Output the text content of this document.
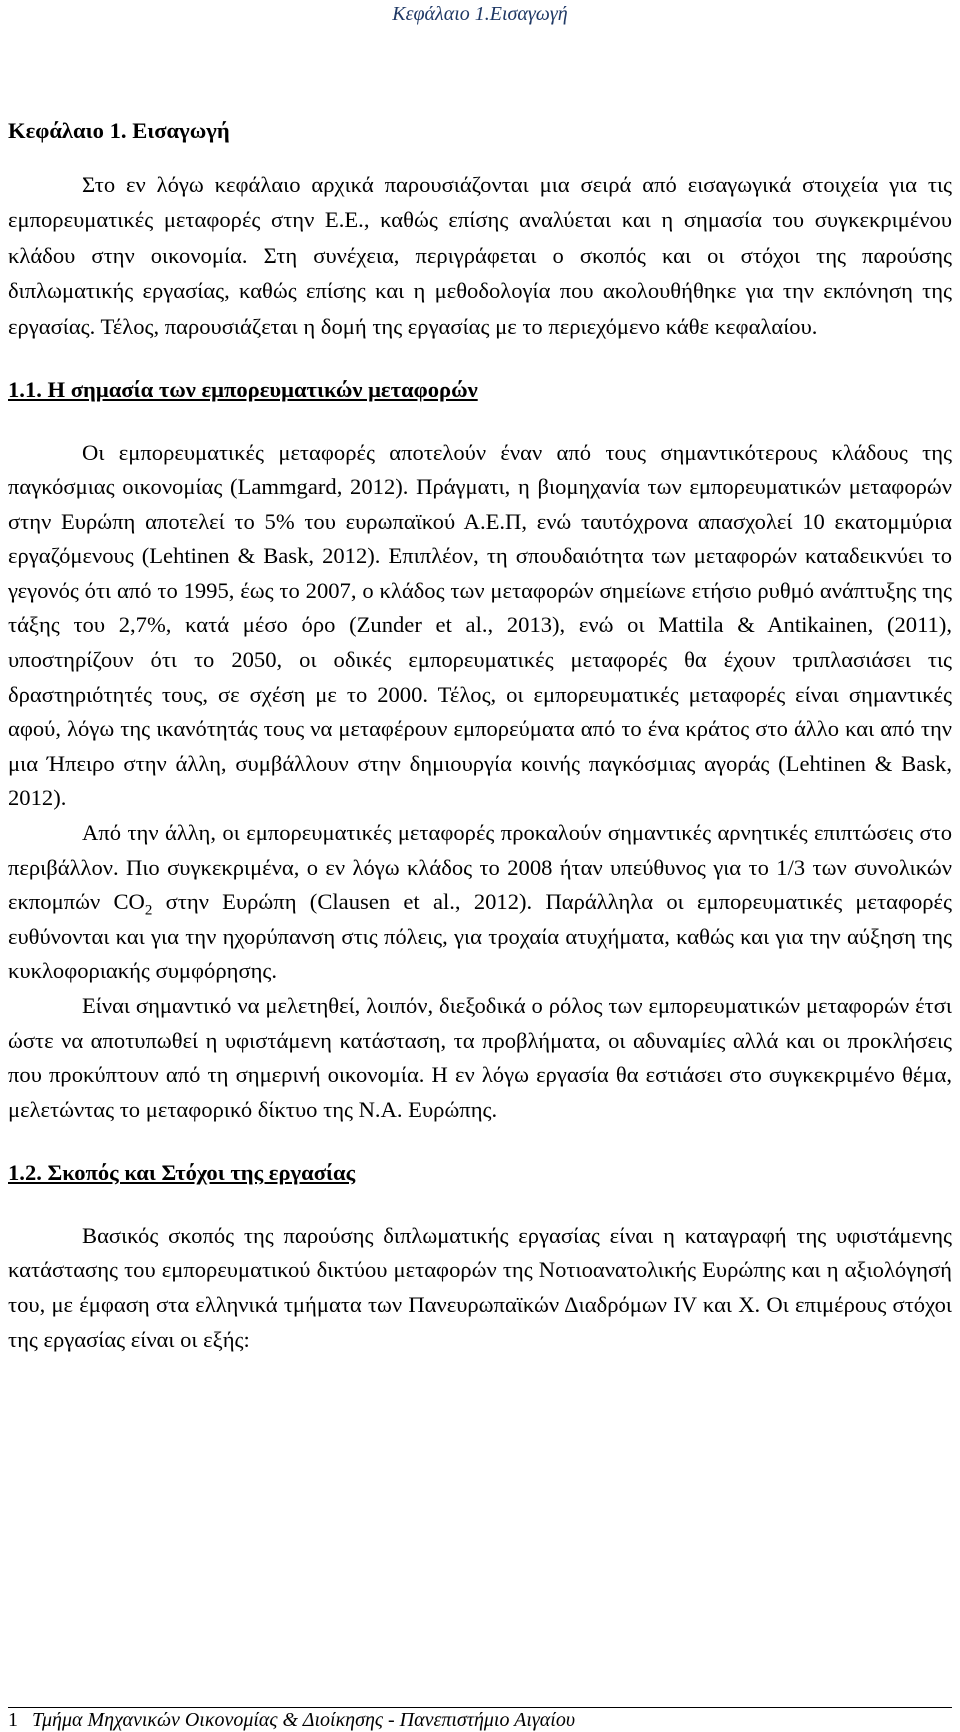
Κεφάλαιο 1.Εισαγωγή
Κεφάλαιο 1. Εισαγωγή

Στο εν λόγω κεφάλαιο αρχικά παρουσιάζονται μια σειρά από εισαγωγικά στοιχεία για τις εμπορευματικές μεταφορές στην Ε.Ε., καθώς επίσης αναλύεται και η σημασία του συγκεκριμένου κλάδου στην οικονομία. Στη συνέχεια, περιγράφεται ο σκοπός και οι στόχοι της παρούσης διπλωματικής εργασίας, καθώς επίσης και η μεθοδολογία που ακολουθήθηκε για την εκπόνηση της εργασίας. Τέλος, παρουσιάζεται η δομή της εργασίας με το περιεχόμενο κάθε κεφαλαίου.

1.1. Η σημασία των εμπορευματικών μεταφορών

Οι εμπορευματικές μεταφορές αποτελούν έναν από τους σημαντικότερους κλάδους της παγκόσμιας οικονομίας (Lammgard, 2012). Πράγματι, η βιομηχανία των εμπορευματικών μεταφορών στην Ευρώπη αποτελεί το 5% του ευρωπαϊκού Α.Ε.Π, ενώ ταυτόχρονα απασχολεί 10 εκατομμύρια εργαζόμενους (Lehtinen & Bask, 2012). Επιπλέον, τη σπουδαιότητα των μεταφορών καταδεικνύει το γεγονός ότι από το 1995, έως το 2007, ο κλάδος των μεταφορών σημείωνε ετήσιο ρυθμό ανάπτυξης της τάξης του 2,7%, κατά μέσο όρο (Zunder et al., 2013), ενώ οι Mattila & Antikainen, (2011), υποστηρίζουν ότι το 2050, οι οδικές εμπορευματικές μεταφορές θα έχουν τριπλασιάσει τις δραστηριότητές τους, σε σχέση με το 2000. Τέλος, οι εμπορευματικές μεταφορές είναι σημαντικές αφού, λόγω της ικανότητάς τους να μεταφέρουν εμπορεύματα από το ένα κράτος στο άλλο και από την μια Ήπειρο στην άλλη, συμβάλλουν στην δημιουργία κοινής παγκόσμιας αγοράς (Lehtinen & Bask, 2012).

Από την άλλη, οι εμπορευματικές μεταφορές προκαλούν σημαντικές αρνητικές επιπτώσεις στο περιβάλλον. Πιο συγκεκριμένα, ο εν λόγω κλάδος το 2008 ήταν υπεύθυνος για το 1/3 των συνολικών εκπομπών $CO_2$ στην Ευρώπη (Clausen et al., 2012). Παράλληλα οι εμπορευματικές μεταφορές ευθύνονται και για την ηχορύπανση στις πόλεις, για τροχαία ατυχήματα, καθώς και για την αύξηση της κυκλοφοριακής συμφόρησης.

Είναι σημαντικό να μελετηθεί, λοιπόν, διεξοδικά ο ρόλος των εμπορευματικών μεταφορών έτσι ώστε να αποτυπωθεί η υφιστάμενη κατάσταση, τα προβλήματα, οι αδυναμίες αλλά και οι προκλήσεις που προκύπτουν από τη σημερινή οικονομία. Η εν λόγω εργασία θα εστιάσει στο συγκεκριμένο θέμα, μελετώντας το μεταφορικό δίκτυο της Ν.Α. Ευρώπης.

1.2. Σκοπός και Στόχοι της εργασίας

Βασικός σκοπός της παρούσης διπλωματικής εργασίας είναι η καταγραφή της υφιστάμενης κατάστασης του εμπορευματικού δικτύου μεταφορών της Νοτιοανατολικής Ευρώπης και η αξιολόγησή του, με έμφαση στα ελληνικά τμήματα των Πανευρωπαϊκών Διαδρόμων IV και X. Οι επιμέρους στόχοι της εργασίας είναι οι εξής:

1 Τμήμα Μηχανικών Οικονομίας & Διοίκησης - Πανεπιστήμιο Αιγαίου
